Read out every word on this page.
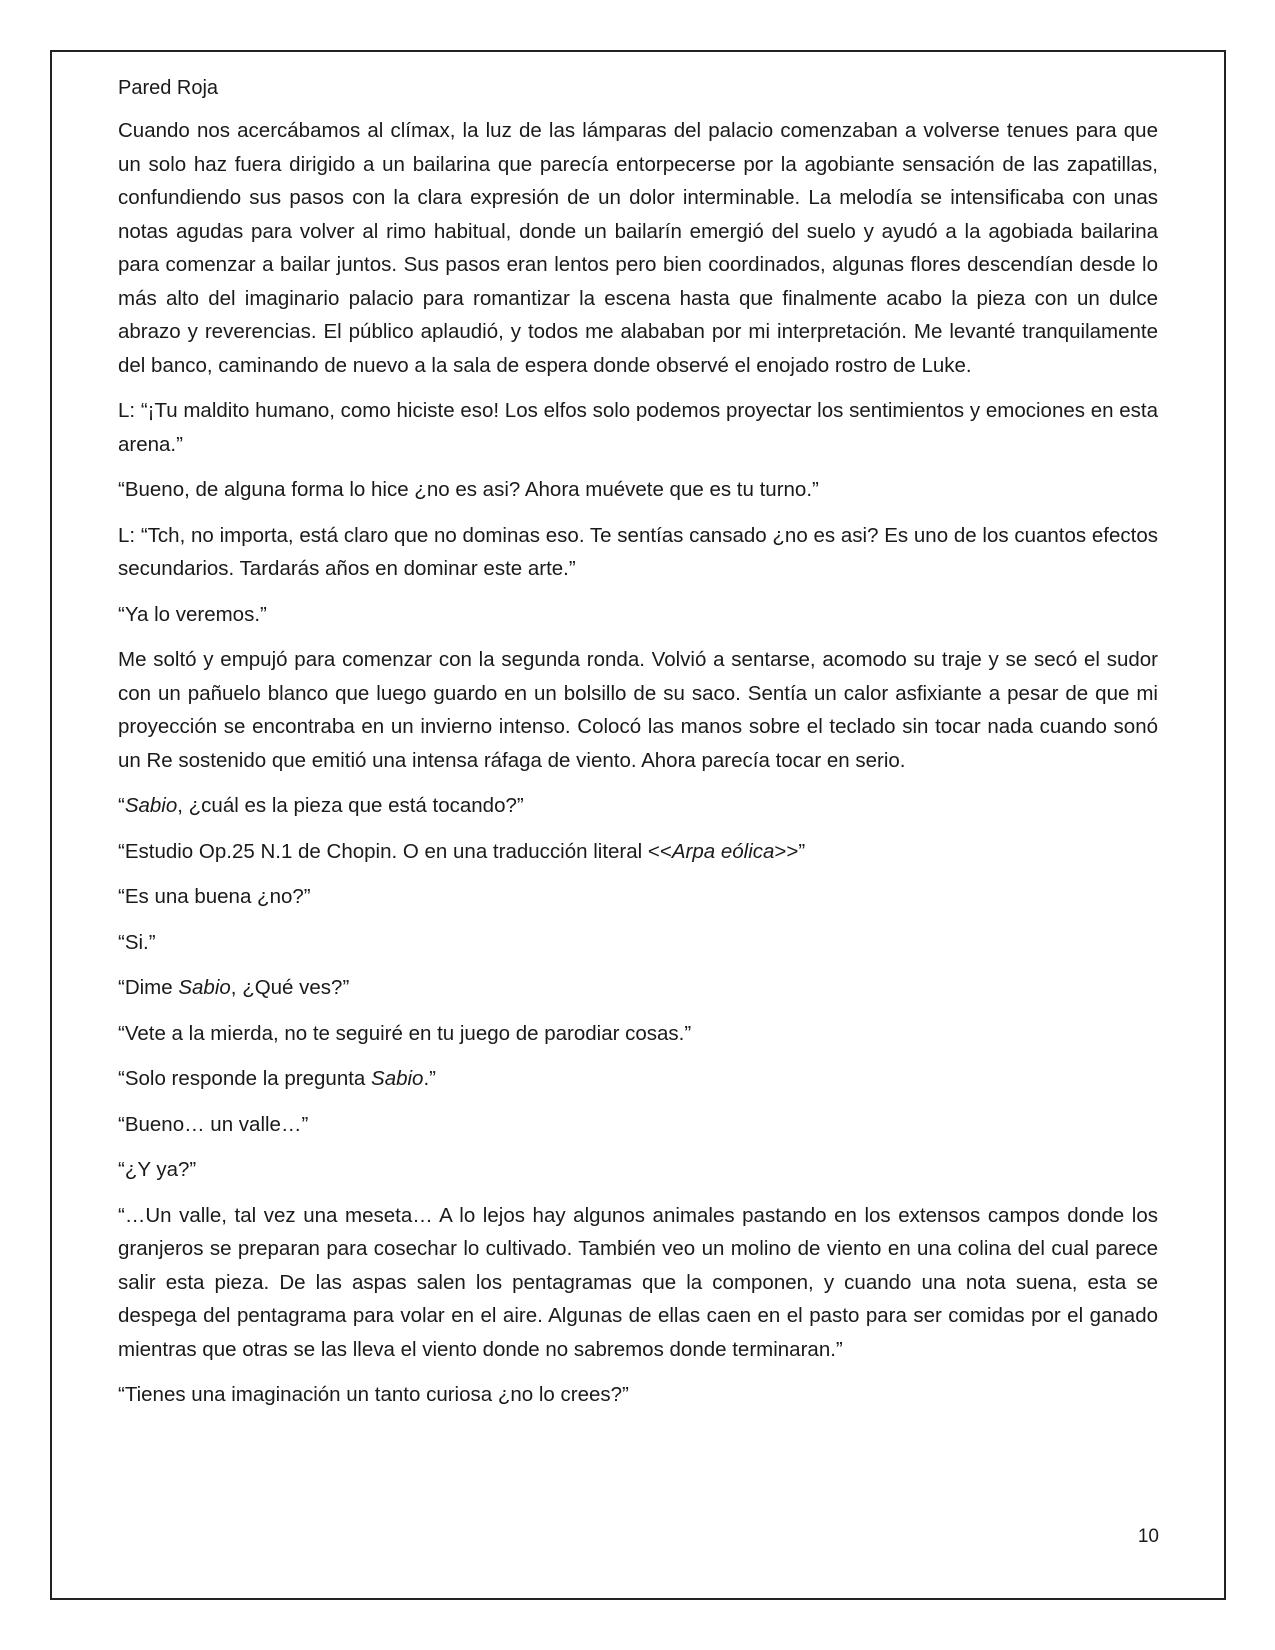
Pared Roja

Cuando nos acercábamos al clímax, la luz de las lámparas del palacio comenzaban a volverse tenues para que un solo haz fuera dirigido a un bailarina que parecía entorpecerse por la agobiante sensación de las zapatillas, confundiendo sus pasos con la clara expresión de un dolor interminable. La melodía se intensificaba con unas notas agudas para volver al rimo habitual, donde un bailarín emergió del suelo y ayudó a la agobiada bailarina para comenzar a bailar juntos. Sus pasos eran lentos pero bien coordinados, algunas flores descendían desde lo más alto del imaginario palacio para romantizar la escena hasta que finalmente acabo la pieza con un dulce abrazo y reverencias. El público aplaudió, y todos me alababan por mi interpretación. Me levanté tranquilamente del banco, caminando de nuevo a la sala de espera donde observé el enojado rostro de Luke.

L: “¡Tu maldito humano, como hiciste eso! Los elfos solo podemos proyectar los sentimientos y emociones en esta arena.”

“Bueno, de alguna forma lo hice ¿no es asi? Ahora muévete que es tu turno.”

L: “Tch, no importa, está claro que no dominas eso. Te sentías cansado ¿no es asi? Es uno de los cuantos efectos secundarios. Tardarás años en dominar este arte.”

“Ya lo veremos.”

Me soltó y empujó para comenzar con la segunda ronda. Volvió a sentarse, acomodo su traje y se secó el sudor con un pañuelo blanco que luego guardo en un bolsillo de su saco. Sentía un calor asfixiante a pesar de que mi proyección se encontraba en un invierno intenso. Colocó las manos sobre el teclado sin tocar nada cuando sonó un Re sostenido que emitió una intensa ráfaga de viento. Ahora parecía tocar en serio.

“Sabio, ¿cuál es la pieza que está tocando?”

“Estudio Op.25 N.1 de Chopin. O en una traducción literal <<Arpa eólica>>”

“Es una buena ¿no?”

“Si.”

“Dime Sabio, ¿Qué ves?”

“Vete a la mierda, no te seguiré en tu juego de parodiar cosas.”

“Solo responde la pregunta Sabio.”

“Bueno… un valle…”

“¿Y ya?”

“…Un valle, tal vez una meseta… A lo lejos hay algunos animales pastando en los extensos campos donde los granjeros se preparan para cosechar lo cultivado. También veo un molino de viento en una colina del cual parece salir esta pieza. De las aspas salen los pentagramas que la componen, y cuando una nota suena, esta se despega del pentagrama para volar en el aire. Algunas de ellas caen en el pasto para ser comidas por el ganado mientras que otras se las lleva el viento donde no sabremos donde terminaran.”

“Tienes una imaginación un tanto curiosa ¿no lo crees?”

10
